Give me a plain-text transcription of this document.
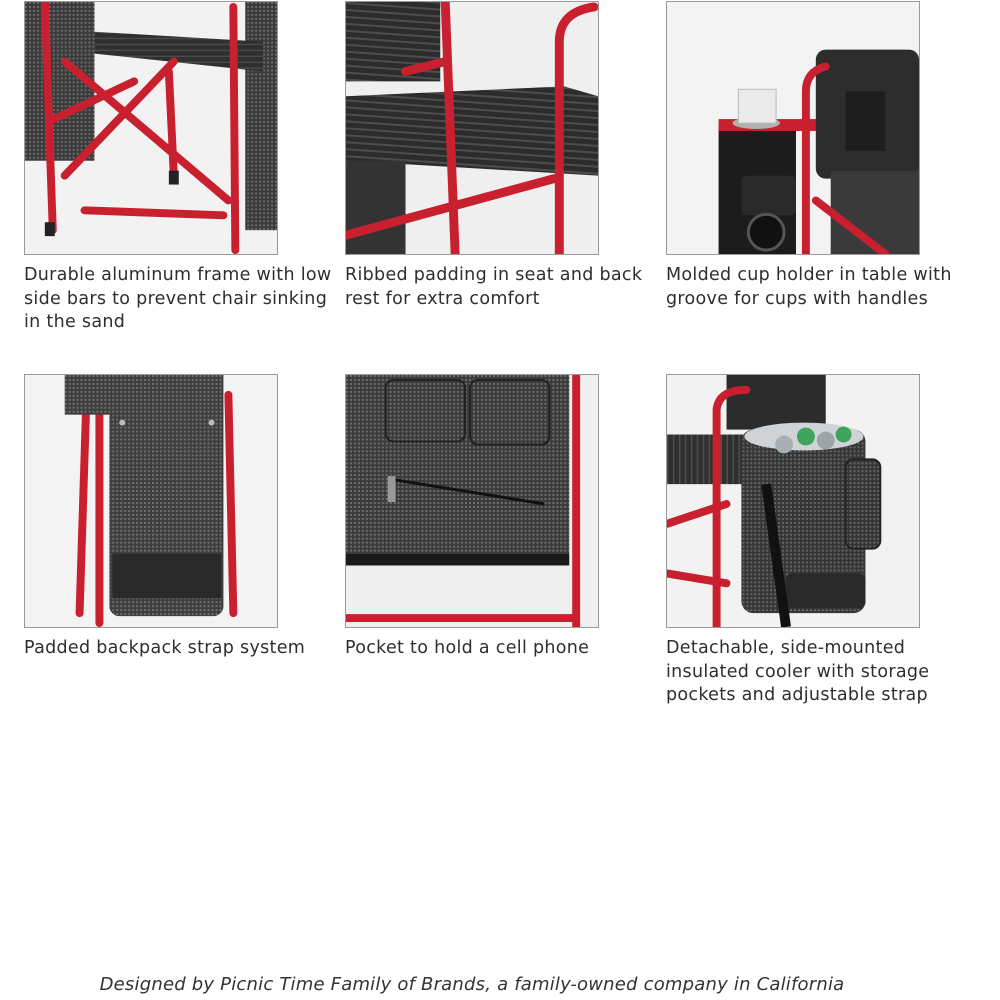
Durable aluminum frame with low side bars to prevent chair sinking in the sand

Ribbed padding in seat and back rest for extra comfort

Molded cup holder in table with groove for cups with handles

Padded backpack strap system	Pocket to hold a cell phone	Detachable, side-mounted insulated cooler with storage pockets and adjustable strap

Designed by Picnic Time Family of Brands, a family-owned company in California
